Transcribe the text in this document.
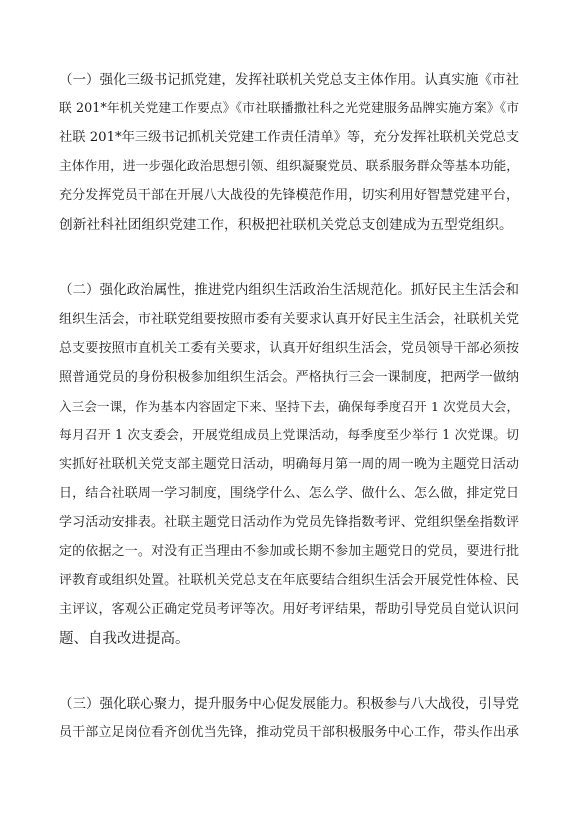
（一）强化三级书记抓党建，发挥社联机关党总支主体作用。认真实施《市社
联 201*年机关党建工作要点》《市社联播撒社科之光党建服务品牌实施方案》《市
社联 201*年三级书记抓机关党建工作责任清单》等，充分发挥社联机关党总支
主体作用，进一步强化政治思想引领、组织凝聚党员、联系服务群众等基本功能，
充分发挥党员干部在开展八大战役的先锋模范作用，切实利用好智慧党建平台，
创新社科社团组织党建工作，积极把社联机关党总支创建成为五型党组织。
（二）强化政治属性，推进党内组织生活政治生活规范化。抓好民主生活会和
组织生活会，市社联党组要按照市委有关要求认真开好民主生活会，社联机关党
总支要按照市直机关工委有关要求，认真开好组织生活会，党员领导干部必须按
照普通党员的身份积极参加组织生活会。严格执行三会一课制度，把两学一做纳
入三会一课，作为基本内容固定下来、坚持下去，确保每季度召开 1 次党员大会，
每月召开 1 次支委会，开展党组成员上党课活动，每季度至少举行 1 次党课。切
实抓好社联机关党支部主题党日活动，明确每月第一周的周一晚为主题党日活动
日，结合社联周一学习制度，围绕学什么、怎么学、做什么、怎么做，排定党日
学习活动安排表。社联主题党日活动作为党员先锋指数考评、党组织堡垒指数评
定的依据之一。对没有正当理由不参加或长期不参加主题党日的党员，要进行批
评教育或组织处置。社联机关党总支在年底要结合组织生活会开展党性体检、民
主评议，客观公正确定党员考评等次。用好考评结果，帮助引导党员自觉认识问
题、自我改进提高。
（三）强化联心聚力，提升服务中心促发展能力。积极参与八大战役，引导党
员干部立足岗位看齐创优当先锋，推动党员干部积极服务中心工作，带头作出承
